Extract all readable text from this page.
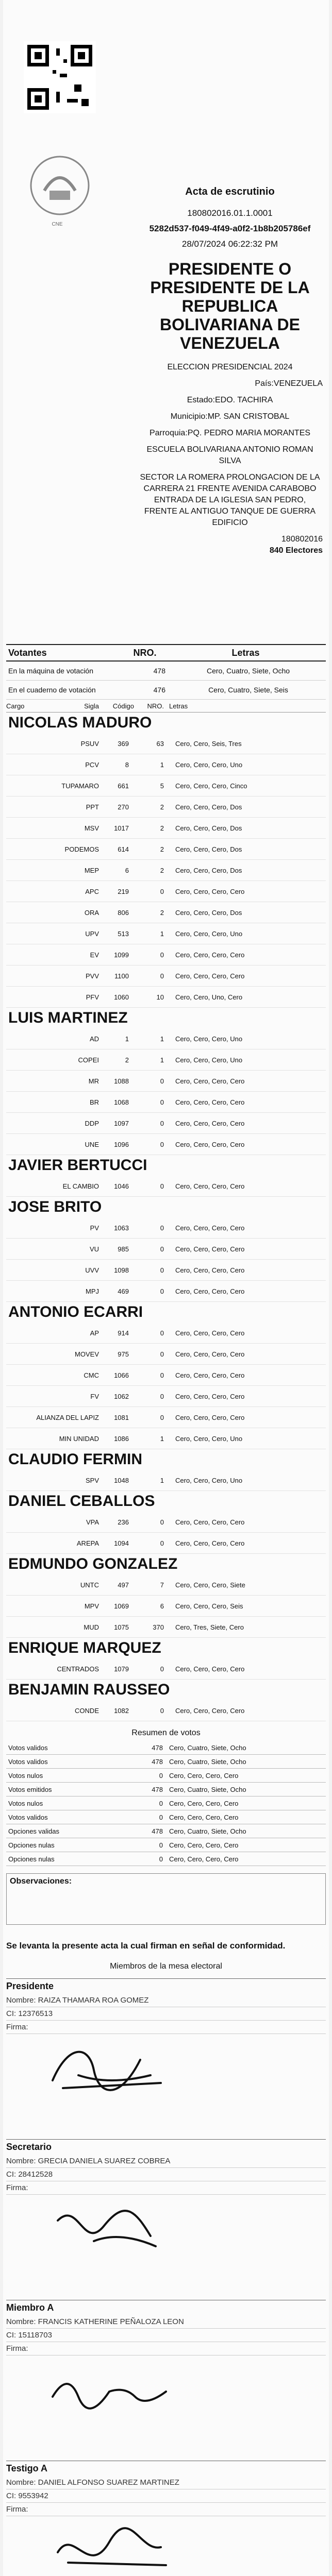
CNE
Acta de escrutinio
180802016.01.1.0001
5282d537-f049-4f49-a0f2-1b8b205786ef
28/07/2024 06:22:32 PM
PRESIDENTE O PRESIDENTE DE LA REPUBLICA BOLIVARIANA DE VENEZUELA
ELECCION PRESIDENCIAL 2024
País:VENEZUELA
Estado:EDO. TACHIRA
Municipio:MP. SAN CRISTOBAL
Parroquia:PQ. PEDRO MARIA MORANTES
ESCUELA BOLIVARIANA ANTONIO ROMAN SILVA
SECTOR LA ROMERA PROLONGACION DE LA CARRERA 21 FRENTE AVENIDA CARABOBO ENTRADA DE LA IGLESIA SAN PEDRO, FRENTE AL ANTIGUO TANQUE DE GUERRA EDIFICIO
180802016
840 Electores
Votantes	NRO.	Letras
En la máquina de votación	478	Cero, Cuatro, Siete, Ocho
En el cuaderno de votación	476	Cero, Cuatro, Siete, Seis
Cargo	Sigla	Código	NRO. Letras
NICOLAS MADURO
PSUV	369	63	Cero, Cero, Seis, Tres
PCV	8	1	Cero, Cero, Cero, Uno
TUPAMARO	661	5	Cero, Cero, Cero, Cinco
PPT	270	2	Cero, Cero, Cero, Dos
MSV	1017	2	Cero, Cero, Cero, Dos
PODEMOS	614	2	Cero, Cero, Cero, Dos
MEP	6	2	Cero, Cero, Cero, Dos
APC	219	0	Cero, Cero, Cero, Cero
ORA	806	2	Cero, Cero, Cero, Dos
UPV	513	1	Cero, Cero, Cero, Uno
EV	1099	0	Cero, Cero, Cero, Cero
PVV	1100	0	Cero, Cero, Cero, Cero
PFV	1060	10	Cero, Cero, Uno, Cero
LUIS MARTINEZ
AD	1	1	Cero, Cero, Cero, Uno
COPEI	2	1	Cero, Cero, Cero, Uno
MR	1088	0	Cero, Cero, Cero, Cero
BR	1068	0	Cero, Cero, Cero, Cero
DDP	1097	0	Cero, Cero, Cero, Cero
UNE	1096	0	Cero, Cero, Cero, Cero
JAVIER BERTUCCI
EL CAMBIO	1046	0	Cero, Cero, Cero, Cero
JOSE BRITO
PV	1063	0	Cero, Cero, Cero, Cero
VU	985	0	Cero, Cero, Cero, Cero
UVV	1098	0	Cero, Cero, Cero, Cero
MPJ	469	0	Cero, Cero, Cero, Cero
ANTONIO ECARRI
AP	914	0	Cero, Cero, Cero, Cero
MOVEV	975	0	Cero, Cero, Cero, Cero
CMC	1066	0	Cero, Cero, Cero, Cero
FV	1062	0	Cero, Cero, Cero, Cero
ALIANZA DEL LAPIZ	1081	0	Cero, Cero, Cero, Cero
MIN UNIDAD	1086	1	Cero, Cero, Cero, Uno
CLAUDIO FERMIN
SPV	1048	1	Cero, Cero, Cero, Uno
DANIEL CEBALLOS
VPA	236	0	Cero, Cero, Cero, Cero
AREPA	1094	0	Cero, Cero, Cero, Cero
EDMUNDO GONZALEZ
UNTC	497	7	Cero, Cero, Cero, Siete
MPV	1069	6	Cero, Cero, Cero, Seis
MUD	1075	370	Cero, Tres, Siete, Cero
ENRIQUE MARQUEZ
CENTRADOS	1079	0	Cero, Cero, Cero, Cero
BENJAMIN RAUSSEO
CONDE	1082	0	Cero, Cero, Cero, Cero
Resumen de votos
Votos validos	478 Cero, Cuatro, Siete, Ocho
Votos validos	478 Cero, Cuatro, Siete, Ocho
Votos nulos	0 Cero, Cero, Cero, Cero
Votos emitidos	478 Cero, Cuatro, Siete, Ocho
Votos nulos	0 Cero, Cero, Cero, Cero
Votos validos	0 Cero, Cero, Cero, Cero
Opciones validas	478 Cero, Cuatro, Siete, Ocho
Opciones nulas	0 Cero, Cero, Cero, Cero
Opciones nulas	0 Cero, Cero, Cero, Cero
Observaciones:
Se levanta la presente acta la cual firman en señal de conformidad.
Miembros de la mesa electoral
Presidente
Nombre: RAIZA THAMARA ROA GOMEZ
CI: 12376513
Firma:
Secretario
Nombre: GRECIA DANIELA SUAREZ COBREA
CI: 28412528
Firma:
Miembro A
Nombre: FRANCIS KATHERINE PEÑALOZA LEON
CI: 15118703
Firma:
Testigo A
Nombre: DANIEL ALFONSO SUAREZ MARTINEZ
CI: 9553942
Firma:
